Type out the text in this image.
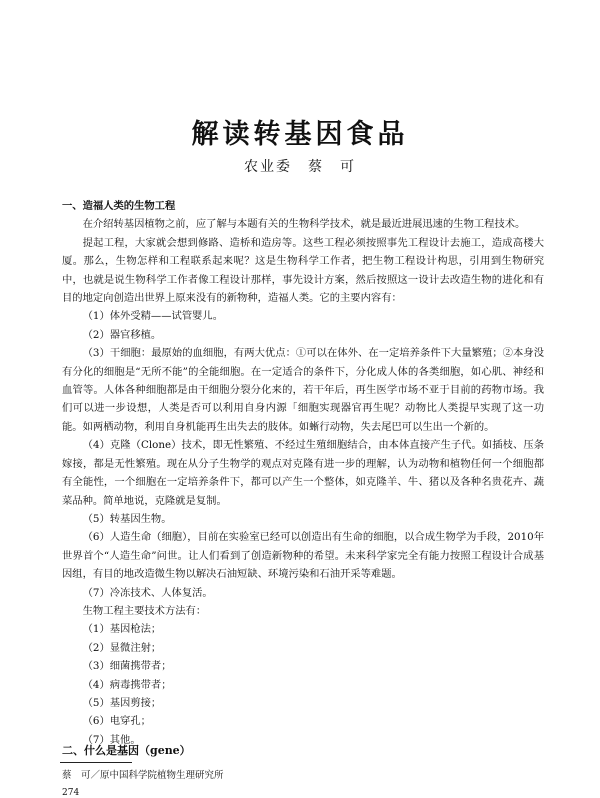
解读转基因食品
农业委 蔡　可

一、造福人类的生物工程

在介绍转基因植物之前，应了解与本题有关的生物科学技术，就是最近进展迅速的生物工程技术。

提起工程，大家就会想到修路、造桥和造房等。这些工程必须按照事先工程设计去施工，造成高楼大厦。那么，生物怎样和工程联系起来呢？这是生物科学工作者，把生物工程设计构思，引用到生物研究中，也就是说生物科学工作者像工程设计那样，事先设计方案，然后按照这一设计去改造生物的进化和有目的地定向创造出世界上原来没有的新物种，造福人类。它的主要内容有：

（1）体外受精——试管婴儿。

（2）器官移植。

（3）干细胞：最原始的血细胞，有两大优点：①可以在体外、在一定培养条件下大量繁殖；②本身没有分化的细胞是“无所不能”的全能细胞。在一定适合的条件下，分化成人体的各类细胞，如心肌、神经和血管等。人体各种细胞都是由干细胞分裂分化来的，若干年后，再生医学市场不亚于目前的药物市场。我们可以进一步设想，人类是否可以利用自身内源「细胞实现器官再生呢？动物比人类提早实现了这一功能。如两栖动物，利用自身机能再生出失去的肢体。如蜥行动物，失去尾巴可以生出一个新的。

（4）克隆（Clone）技术，即无性繁殖、不经过生殖细胞结合，由本体直接产生子代。如插枝、压条嫁接，都是无性繁殖。现在从分子生物学的观点对克隆有进一步的理解，认为动物和植物任何一个细胞都有全能性，一个细胞在一定培养条件下，都可以产生一个整体，如克隆羊、牛、猪以及各种名贵花卉、蔬菜品种。简单地说，克隆就是复制。

（5）转基因生物。

（6）人造生命（细胞），目前在实验室已经可以创造出有生命的细胞，以合成生物学为手段，2010年世界首个“人造生命”问世。让人们看到了创造新物种的希望。未来科学家完全有能力按照工程设计合成基因组，有目的地改造微生物以解决石油短缺、环境污染和石油开采等难题。

（7）冷冻技术、人体复活。

生物工程主要技术方法有：

（1）基因枪法；

（2）显微注射；

（3）细菌携带者；

（4）病毒携带者；

（5）基因剪接；

（6）电穿孔；

（7）其他。

二、什么是基因（gene）
蔡　可／原中国科学院植物生理研究所
274
